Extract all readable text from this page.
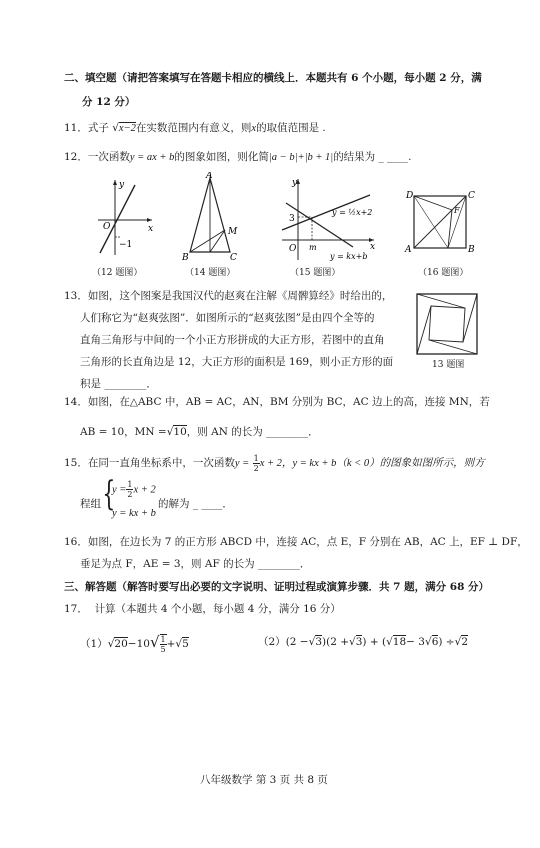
二、填空题（请把答案填写在答题卡相应的横线上．本题共有 6 个小题，每小题 2 分，满
分 12 分）
11．式子 √x−2在实数范围内有意义，则x的取值范围是 .
12．一次函数y = ax + b的图象如图，则化简|a − b|+|b + 1|的结果为 _ ____.
y
O	x
−1
（12 题图）
A
M
B	C
（14 题图）
y
3
O m	x
y = ½x+2
y = kx+b
（15 题图）
D	C
F
A	B
（16 题图）
13．如图，这个图案是我国汉代的赵爽在注解《周髀算经》时给出的，
人们称它为“赵爽弦图”．如图所示的“赵爽弦图”是由四个全等的
直角三角形与中间的一个小正方形拼成的大正方形，若图中的直角
三角形的长直角边是 12，大正方形的面积是 169，则小正方形的面
积是 ________．
13 题图
14．如图，在△ABC 中，AB = AC，AN，BM 分别为 BC，AC 边上的高，连接 MN，若
AB = 10，MN =√10，则 AN 的长为 ________．
15．在同一直角坐标系中，一次函数$y = \frac{1}{2}$ x + 2，y = kx + b（k < 0）的图象如图所示，则方
程组 {
$y = \frac{1}{2}$ x + 2
y = kx + b
的解为 _ ____．
16．如图，在边长为 7 的正方形 ABCD 中，连接 AC，点 E，F 分别在 AB，AC 上，EF ⊥ DF，
垂足为点 F，AE = 3，则 AF 的长为 ________．
三、解答题（解答时要写出必要的文字说明、证明过程或演算步骤．共 7 题，满分 68 分）
17． 计算（本题共 4 个小题，每小题 4 分，满分 16 分）
$(1)√20-10√ \frac{1}{5} +√5$	（2）(2 −√3)(2 +√3) + (√18− 3√6) ÷√2
八年级数学 第 3 页 共 8 页
